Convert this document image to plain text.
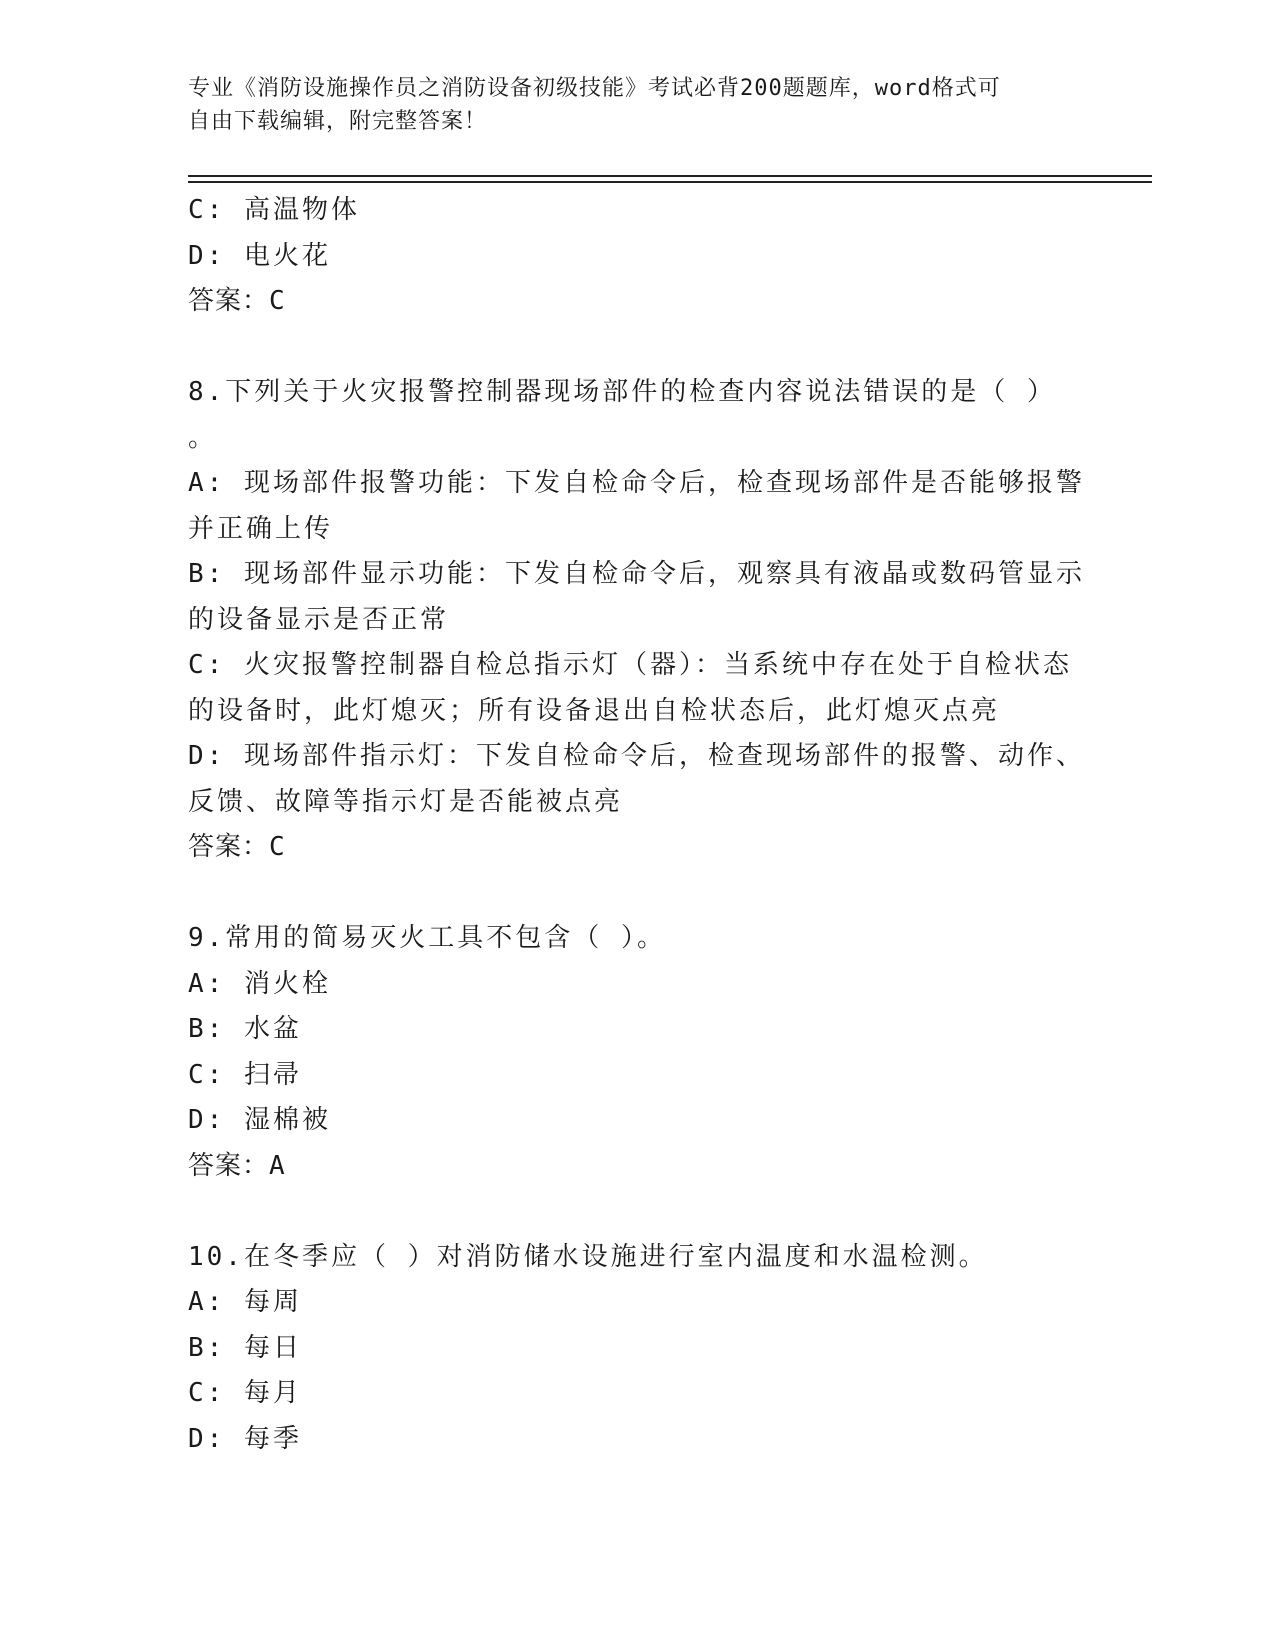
专业《消防设施操作员之消防设备初级技能》考试必背200题题库，word格式可
自由下载编辑，附完整答案！
C: 高温物体
D: 电火花
答案：C
8.下列关于火灾报警控制器现场部件的检查内容说法错误的是（ ）
。
A: 现场部件报警功能：下发自检命令后，检查现场部件是否能够报警
并正确上传
B: 现场部件显示功能：下发自检命令后，观察具有液晶或数码管显示
的设备显示是否正常
C: 火灾报警控制器自检总指示灯（器）：当系统中存在处于自检状态
的设备时，此灯熄灭；所有设备退出自检状态后，此灯熄灭点亮
D: 现场部件指示灯：下发自检命令后，检查现场部件的报警、动作、
反馈、故障等指示灯是否能被点亮
答案：C
9.常用的简易灭火工具不包含（ ）。
A: 消火栓
B: 水盆
C: 扫帚
D: 湿棉被
答案：A
10.在冬季应（ ）对消防储水设施进行室内温度和水温检测。
A: 每周
B: 每日
C: 每月
D: 每季
